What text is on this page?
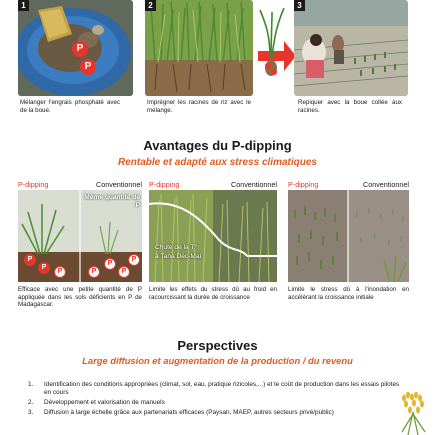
1
P
P
Mélanger l'engrais phosphaté avec de la boue.
2
Imprégner les racines de riz avec le mélange.
3
Repiquer avec la boue collée aux racines.
Avantages du P-dipping
Rentable et adapté aux stress climatiques
P-dipping	Conventionnel P-dipping	Conventionnel P-dipping	Conventionnel
Même quantité de P
P
P
P	P
P
P
P
Chute de la T°
à Tana Déc-Mai
Efficace avec une petite quantité de P appliquée dans les sols déficients en P de Madagascar.
Limite les effets du stress dû au froid en racourcissant la durée de croissance
Limite le stress dû à l'inondation en accélérant la croissance initiale
Perspectives
Large diffusion et augmentation de la production / du revenu
1. Identification des conditions appropriées (climat, sol, eau, pratique rizicoles,...) et le coût de production dans les essais pilotes en cours
2. Développement et valorisation de manuels
3. Diffusion à large échelle grâce aux partenariats efficaces (Paysan, MAEP, autres secteurs privé/public)
